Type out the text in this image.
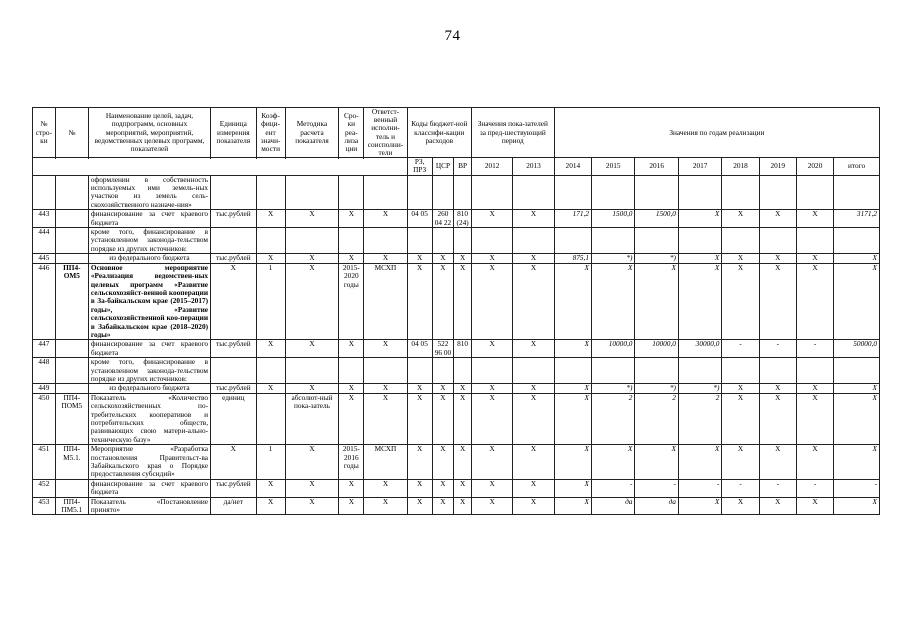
74
№ стро-ки	№	Наименование целей, задач, подпрограмм, основных мероприятий, мероприятий, ведомственных целевых программ, показателей	Единица измерения показателя	Коэф-фици-ент значи-мости	Методика расчета показателя	Сро-ки реа-лиза ции	Ответст-венный исполни-тель и соисполни-тели	Коды бюджет-ной классифи-кации расходов			Значения пока-зателей за пред-шествующий период		Значения по годам реализации							

								РЗ, ПРЗ	ЦСР	ВР	2012	2013	2014	2015	2016	2017	2018	2019	2020	итого
		оформлении в собственность используемых ими земель-ных участков из земель сель-скохозяйственного назначе-ния»																		
443		финансирование за счет краевого бюджета	тыс.рублей	X	X	X	X	04 05	260 04 22	810 (24)	X	X	171,2	1500,0	1500,0	X	X	X	X	3171,2
444		кроме того, финансирование в установленном законода-тельством порядке из других источников:																		
445		из федерального бюджета	тыс.рублей	X	X	X	X	X	X	X	X	X	875,1	*)	*)	X	X	X	X	X
446	ПП4-ОМ5	Основное мероприятие «Реализация ведомствен-ных целевых программ «Развитие сельскохозяйст-венной кооперации в За-байкальском крае (2015–2017) годы», «Развитие сельскохозяйственной коо-перации в Забайкальском крае (2018–2020) годы»	X	1	X	2015-2020 годы	МСХП	X	X	X	X	X	X	X	X	X	X	X	X	X
447		финансирование за счет краевого бюджета	тыс.рублей	X	X	X	X	04 05	522 96 00	810	X	X	X	10000,0	10000,0	30000,0	-	-	-	50000,0
448		кроме того, финансирование в установленном законода-тельством порядке из других источников:																		
449		из федерального бюджета	тыс.рублей	X	X	X	X	X	X	X	X	X	X	*)	*)	*)	X	X	X	X
450	ПП4-ПОМ5	Показатель «Количество сельскохозяйственных по-требительских кооперативов и потребительских обществ, развивающих свою матери-ально-техническую базу»	единиц		абсолют-ный пока-затель	X	X	X	X	X	X	X	X	2	2	2	X	X	X	X
451	ПП4-М5.1.	Мероприятие «Разработка постановления Правительст-ва Забайкальского края о Порядке предоставления субсидий»	X	1	X	2015-2016 годы	МСХП	X	X	X	X	X	X	X	X	X	X	X	X	X
452		финансирование за счет краевого бюджета	тыс.рублей	X	X	X	X	X	X	X	X	X	X	-	-	-	-	-	-	-
453	ПП4-ПМ5.1	Показатель «Постановление принято»	да/нет	X	X	X	X	X	X	X	X	X	X	да	да	X	X	X	X	X
